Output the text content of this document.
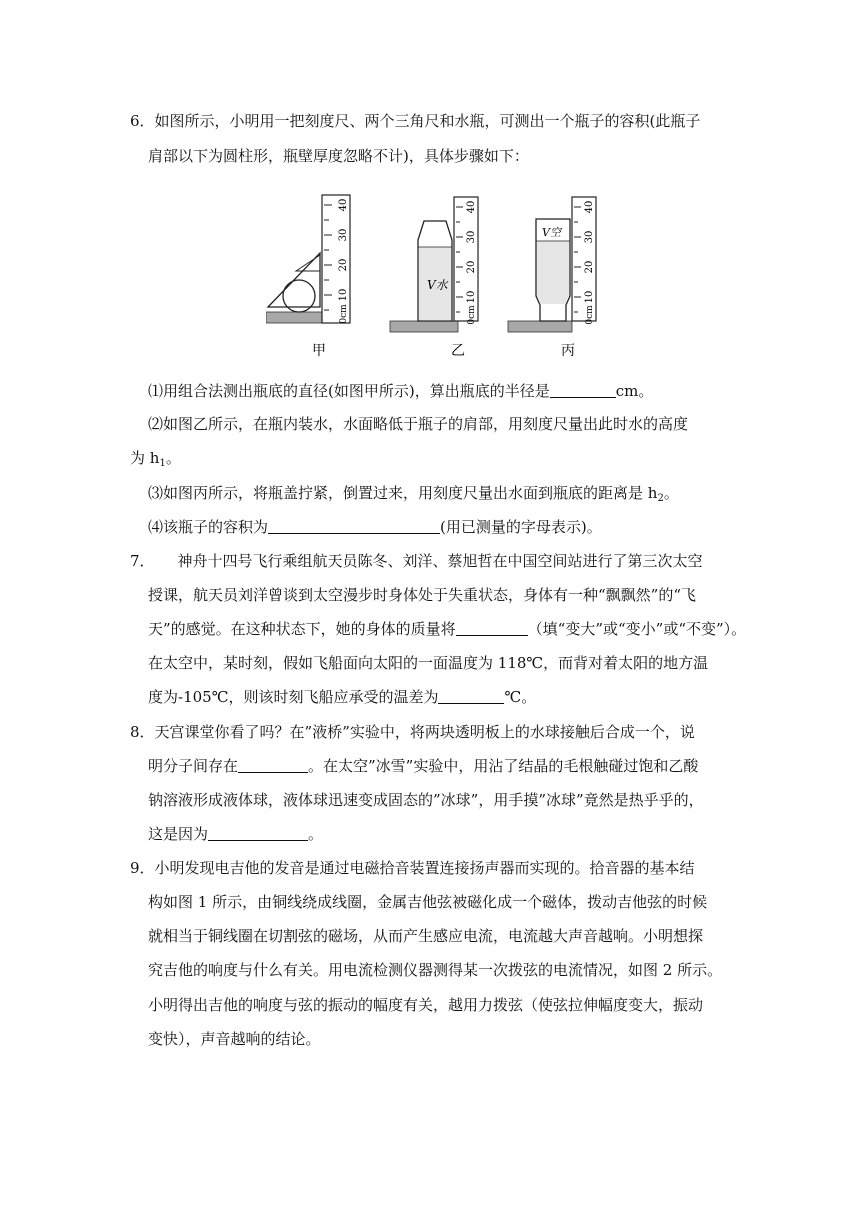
6．如图所示，小明用一把刻度尺、两个三角尺和水瓶，可测出一个瓶子的容积(此瓶子
肩部以下为圆柱形，瓶壁厚度忽略不计)，具体步骤如下：
40
30
20
10
0cm
甲
V水
40
30
20
10
0cm
乙
V空
40
30
20
10
0cm
丙
⑴用组合法测出瓶底的直径(如图甲所示)，算出瓶底的半径是	cm。
⑵如图乙所示，在瓶内装水，水面略低于瓶子的肩部，用刻度尺量出此时水的高度
为 $h_1$。
⑶如图丙所示，将瓶盖拧紧，倒置过来，用刻度尺量出水面到瓶底的距离是 $h_2$。
⑷该瓶子的容积为	(用已测量的字母表示)。
7． 神舟十四号飞行乘组航天员陈冬、刘洋、蔡旭哲在中国空间站进行了第三次太空
授课，航天员刘洋曾谈到太空漫步时身体处于失重状态，身体有一种“飘飘然”的“飞
天”的感觉。在这种状态下，她的身体的质量将	（填“变大”或“变小”或“不变”）。
在太空中，某时刻，假如飞船面向太阳的一面温度为 118℃，而背对着太阳的地方温
度为-105℃，则该时刻飞船应承受的温差为	℃。
8．天宫课堂你看了吗？在”液桥”实验中，将两块透明板上的水球接触后合成一个，说
明分子间存在	。在太空”冰雪”实验中，用沾了结晶的毛根触碰过饱和乙酸
钠溶液形成液体球，液体球迅速变成固态的”冰球”，用手摸”冰球”竟然是热乎乎的，
这是因为	。
9．小明发现电吉他的发音是通过电磁拾音装置连接扬声器而实现的。拾音器的基本结
构如图 1 所示，由铜线绕成线圈，金属吉他弦被磁化成一个磁体，拨动吉他弦的时候
就相当于铜线圈在切割弦的磁场，从而产生感应电流，电流越大声音越响。小明想探
究吉他的响度与什么有关。用电流检测仪器测得某一次拨弦的电流情况，如图 2 所示。
小明得出吉他的响度与弦的振动的幅度有关，越用力拨弦（使弦拉伸幅度变大，振动
变快），声音越响的结论。
